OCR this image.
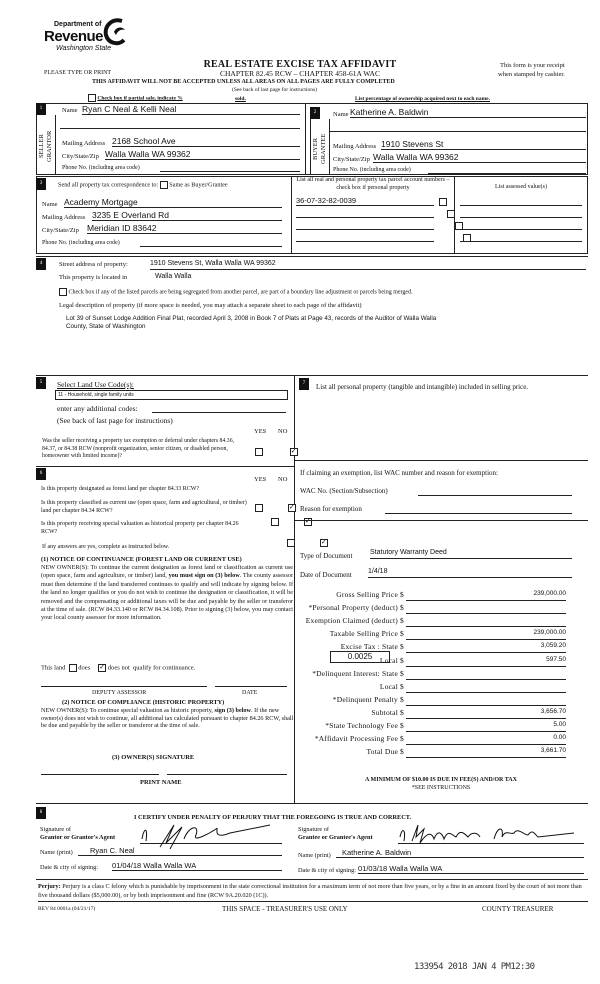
Department of
Revenue
Washington State
REAL ESTATE EXCISE TAX AFFIDAVIT
PLEASE TYPE OR PRINT	CHAPTER 82.45 RCW – CHAPTER 458-61A WAC
This form is your receipt
when stamped by cashier.
THIS AFFIDAVIT WILL NOT BE ACCEPTED UNLESS ALL AREAS ON ALL PAGES ARE FULLY COMPLETED
(See back of last page for instructions)
Check box if partial sale, indicate %	sold.	List percentage of ownership acquired next to each name.
1
SELLER
GRANTOR
Name Ryan C Neal & Kelli Neal
Mailing Address 2168 School Ave
City/State/Zip Walla Walla WA 99362
Phone No. (including area code)
2
BUYER
GRANTEE
Name Katherine A. Baldwin
Mailing Address 1910 Stevens St
City/State/Zip Walla Walla WA 99362
Phone No. (including area code)
3	Send all property tax correspondence to: Same as Buyer/Grantee
Name Academy Mortgage
Mailing Address 3235 E Overland Rd
City/State/Zip Meridian ID 83642
Phone No. (including area code)
List all real and personal property tax parcel account numbers – check box if personal property	List assessed value(s)
36-07-32-82-0039
4	Street address of property:	1910 Stevens St, Walla Walla WA 99362
This property is located in	Walla Walla
Check box if any of the listed parcels are being segregated from another parcel, are part of a boundary line adjustment or parcels being merged.
Legal description of property (if more space is needed, you may attach a separate sheet to each page of the affidavit)
Lot 39 of Sunset Lodge Addition Final Plat, recorded April 3, 2008 in Book 7 of Plats at Page 43, records of the Auditor of Walla Walla
County, State of Washington
5	Select Land Use Code(s):
11 - Household, single family units
enter any additional codes:
(See back of last page for instructions)
YES NO
Was the seller receiving a property tax exemption or deferral under chapters 84.36, 84.37, or 84.38 RCW (nonprofit organization, senior citizen, or disabled person, homeowner with limited income)?
✓
7	List all personal property (tangible and intangible) included in selling price.
6
YES NO
Is this property designated as forest land per chapter 84.33 RCW?
✓
Is this property classified as current use (open space, farm and agricultural, or timber) land per chapter 84.34 RCW?
✓
Is this property receiving special valuation as historical property per chapter 84.26 RCW?
✓
If any answers are yes, complete as instructed below.
(1) NOTICE OF CONTINUANCE (FOREST LAND OR CURRENT USE)
NEW OWNER(S): To continue the current designation as forest land or classification as current use (open space, farm and agriculture, or timber) land, you must sign on (3) below. The county assessor must then determine if the land transferred continues to qualify and will indicate by signing below. If the land no longer qualifies or you do not wish to continue the designation or classification, it will be removed and the compensating or additional taxes will be due and payable by the seller or transferor at the time of sale. (RCW 84.33.140 or RCW 84.34.108). Prior to signing (3) below, you may contact your local county assessor for more information.
This land does ✓	does not qualify for continuance.
DEPUTY ASSESSOR	DATE
(2) NOTICE OF COMPLIANCE (HISTORIC PROPERTY)
NEW OWNER(S): To continue special valuation as historic property, sign (3) below. If the new owner(s) does not wish to continue, all additional tax calculated pursuant to chapter 84.26 RCW, shall be due and payable by the seller or transferor at the time of sale.
(3) OWNER(S) SIGNATURE
PRINT NAME
If claiming an exemption, list WAC number and reason for exemption:
WAC No. (Section/Subsection)
Reason for exemption
Type of Document	Statutory Warranty Deed
Date of Document 1/4/18
0.0025
Gross Selling Price $	239,000.00
*Personal Property (deduct) $
Exemption Claimed (deduct) $
Taxable Selling Price $	239,000.00
Excise Tax : State $	3,059.20
Local $	597.50
*Delinquent Interest: State $
Local $
*Delinquent Penalty $
Subtotal $	3,656.70
*State Technology Fee $	5.00
*Affidavit Processing Fee $	0.00
Total Due $	3,661.70
A MINIMUM OF $10.00 IS DUE IN FEE(S) AND/OR TAX
*SEE INSTRUCTIONS
8
I CERTIFY UNDER PENALTY OF PERJURY THAT THE FOREGOING IS TRUE AND CORRECT.
Signature of
Grantor or Grantor's Agent
Name (print)	Ryan C. Neal
Date & city of signing: 01/04/18 Walla Walla WA
Signature of
Grantee or Grantee's Agent
Name (print)	Katherine A. Baldwin
Date & city of signing: 01/03/18 Walla Walla WA
Perjury: Perjury is a class C felony which is punishable by imprisonment in the state correctional institution for a maximum term of not more than five years, or by a fine in an amount fixed by the court of not more than five thousand dollars ($5,000.00), or by both imprisonment and fine (RCW 9A.20.020 (1C)).
REV 84 0001a (04/21/17)	THIS SPACE - TREASURER'S USE ONLY	COUNTY TREASURER
133954 2018 JAN 4 PM12:30
